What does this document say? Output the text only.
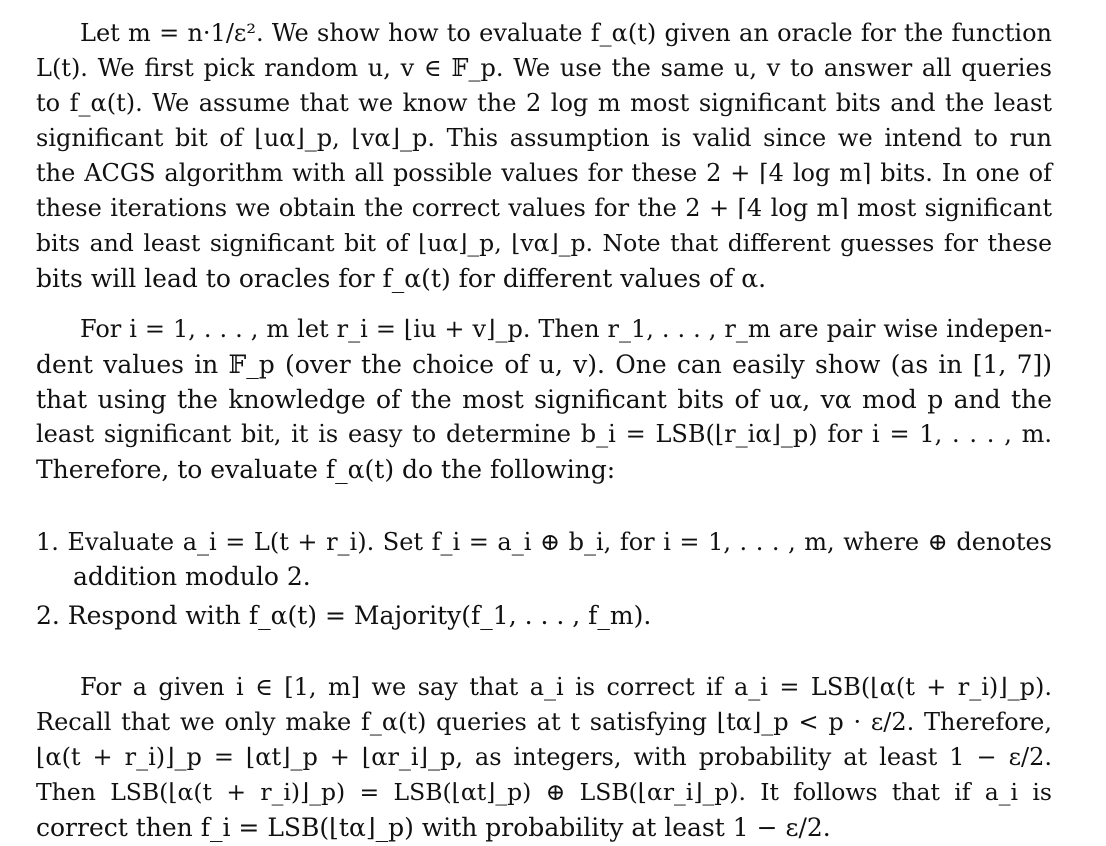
Let m = n·1/ε². We show how to evaluate f_α(t) given an oracle for the function
L(t). We first pick random u, v ∈ 𝔽_p. We use the same u, v to answer all queries
to f_α(t). We assume that we know the 2 log m most significant bits and the least
significant bit of ⌊uα⌋_p, ⌊vα⌋_p. This assumption is valid since we intend to run
the ACGS algorithm with all possible values for these 2 + ⌈4 log m⌉ bits. In one of
these iterations we obtain the correct values for the 2 + ⌈4 log m⌉ most significant
bits and least significant bit of ⌊uα⌋_p, ⌊vα⌋_p. Note that different guesses for these
bits will lead to oracles for f_α(t) for different values of α.
For i = 1, . . . , m let r_i = ⌊iu + v⌋_p. Then r_1, . . . , r_m are pair wise indepen-
dent values in 𝔽_p (over the choice of u, v). One can easily show (as in [1, 7])
that using the knowledge of the most significant bits of uα, vα mod p and the
least significant bit, it is easy to determine b_i = LSB(⌊r_iα⌋_p) for i = 1, . . . , m.
Therefore, to evaluate f_α(t) do the following:
1. Evaluate a_i = L(t + r_i). Set f_i = a_i ⊕ b_i, for i = 1, . . . , m, where ⊕ denotes
addition modulo 2.
2. Respond with f_α(t) = Majority(f_1, . . . , f_m).
For a given i ∈ [1, m] we say that a_i is correct if a_i = LSB(⌊α(t + r_i)⌋_p).
Recall that we only make f_α(t) queries at t satisfying ⌊tα⌋_p < p · ε/2. Therefore,
⌊α(t + r_i)⌋_p = ⌊αt⌋_p + ⌊αr_i⌋_p, as integers, with probability at least 1 − ε/2.
Then LSB(⌊α(t + r_i)⌋_p) = LSB(⌊αt⌋_p) ⊕ LSB(⌊αr_i⌋_p). It follows that if a_i is
correct then f_i = LSB(⌊tα⌋_p) with probability at least 1 − ε/2.
